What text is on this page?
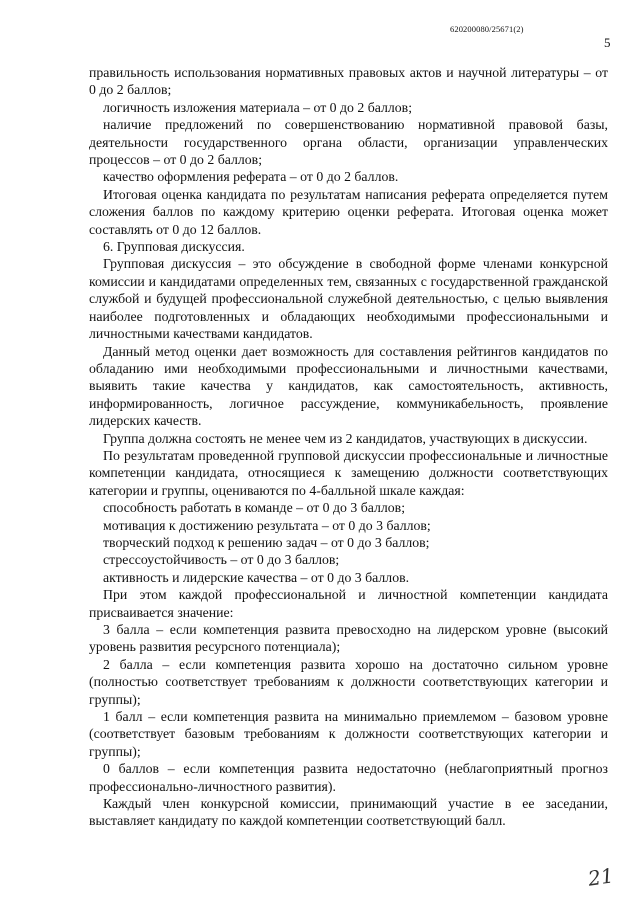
620200080/25671(2)
5

правильность использования нормативных правовых актов и научной литературы – от 0 до 2 баллов;

логичность изложения материала – от 0 до 2 баллов;

наличие предложений по совершенствованию нормативной правовой базы, деятельности государственного органа области, организации управленческих процессов – от 0 до 2 баллов;

качество оформления реферата – от 0 до 2 баллов.

Итоговая оценка кандидата по результатам написания реферата определяется путем сложения баллов по каждому критерию оценки реферата. Итоговая оценка может составлять от 0 до 12 баллов.

6. Групповая дискуссия.

Групповая дискуссия – это обсуждение в свободной форме членами конкурсной комиссии и кандидатами определенных тем, связанных с государственной гражданской службой и будущей профессиональной служебной деятельностью, с целью выявления наиболее подготовленных и обладающих необходимыми профессиональными и личностными качествами кандидатов.

Данный метод оценки дает возможность для составления рейтингов кандидатов по обладанию ими необходимыми профессиональными и личностными качествами, выявить такие качества у кандидатов, как самостоятельность, активность, информированность, логичное рассуждение, коммуникабельность, проявление лидерских качеств.

Группа должна состоять не менее чем из 2 кандидатов, участвующих в дискуссии.

По результатам проведенной групповой дискуссии профессиональные и личностные компетенции кандидата, относящиеся к замещению должности соответствующих категории и группы, оцениваются по 4-балльной шкале каждая:

способность работать в команде – от 0 до 3 баллов;

мотивация к достижению результата – от 0 до 3 баллов;

творческий подход к решению задач – от 0 до 3 баллов;

стрессоустойчивость – от 0 до 3 баллов;

активность и лидерские качества – от 0 до 3 баллов.

При этом каждой профессиональной и личностной компетенции кандидата присваивается значение:

3 балла – если компетенция развита превосходно на лидерском уровне (высокий уровень развития ресурсного потенциала);

2 балла – если компетенция развита хорошо на достаточно сильном уровне (полностью соответствует требованиям к должности соответствующих категории и группы);

1 балл – если компетенция развита на минимально приемлемом – базовом уровне (соответствует базовым требованиям к должности соответствующих категории и группы);

0 баллов – если компетенция развита недостаточно (неблагоприятный прогноз профессионально-личностного развития).

Каждый член конкурсной комиссии, принимающий участие в ее заседании, выставляет кандидату по каждой компетенции соответствующий балл.

21
